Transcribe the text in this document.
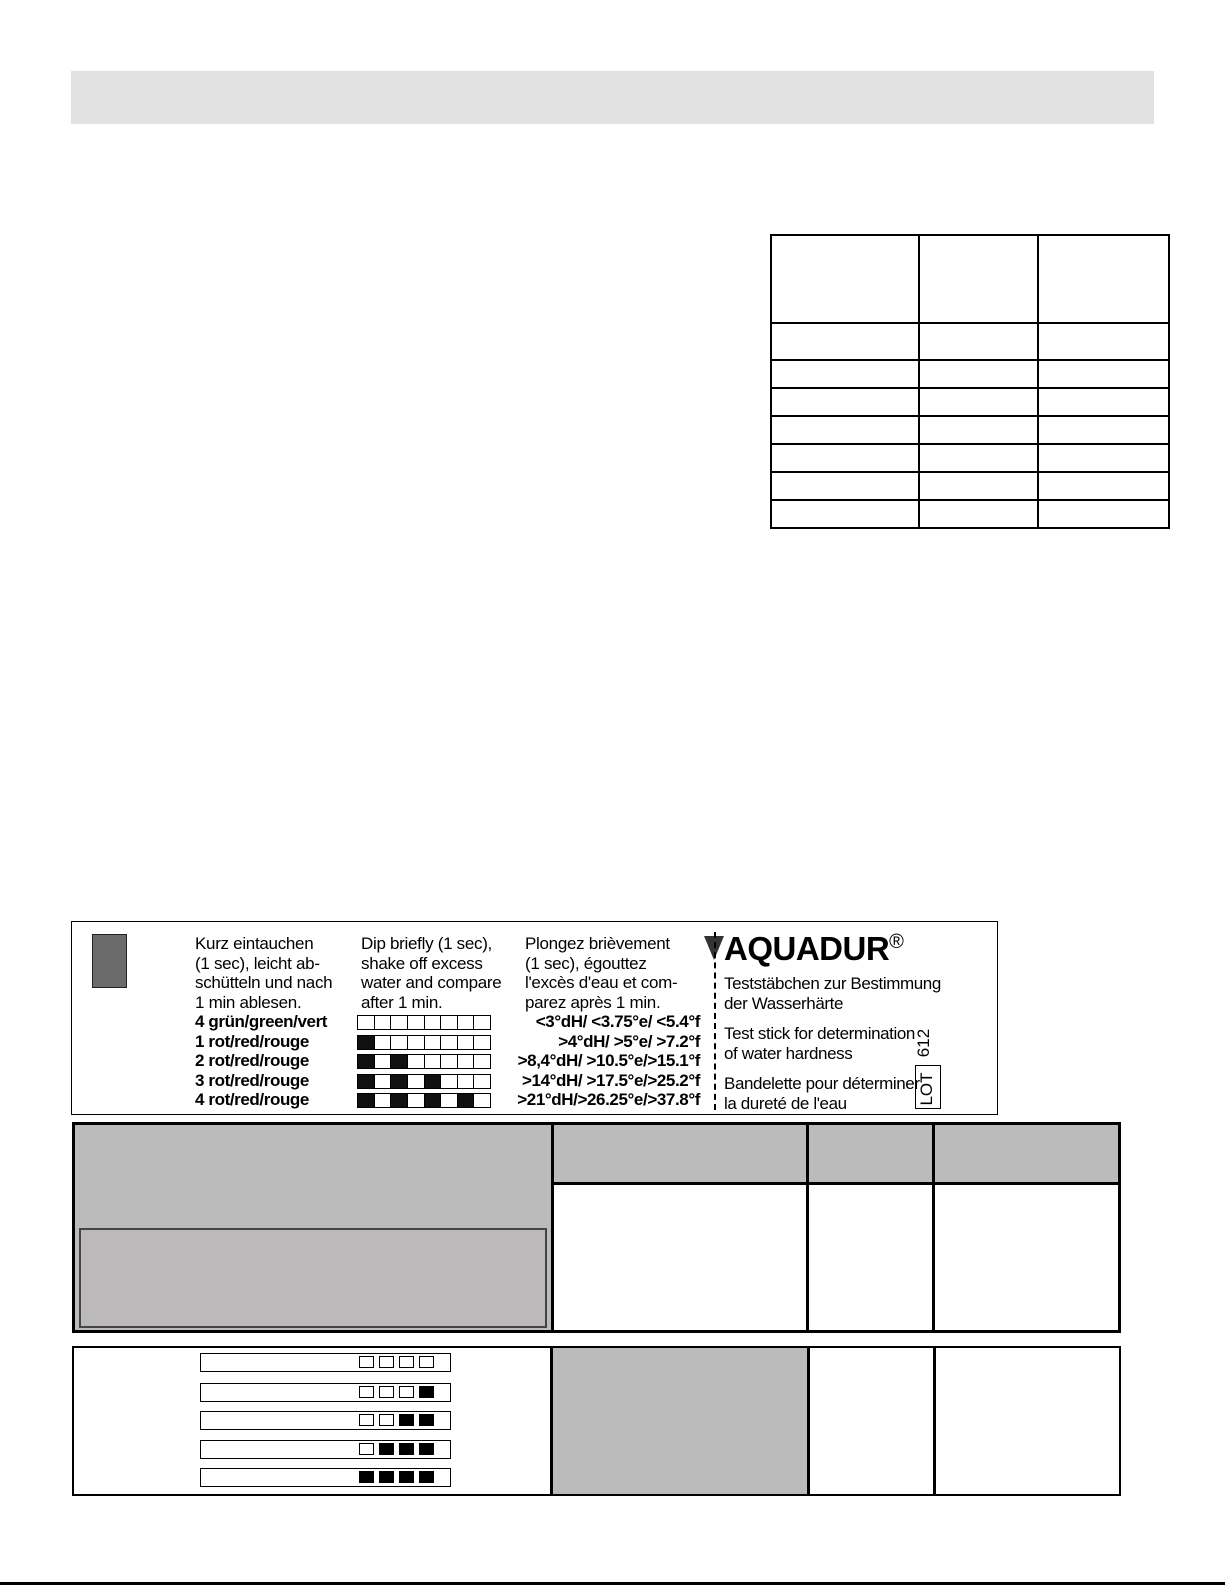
Kurz eintauchen
(1 sec), leicht ab-
schütteln und nach
1 min ablesen.
Dip briefly (1 sec),
shake off excess
water and compare
after 1 min.
Plongez brièvement
(1 sec), égouttez
l'excès d'eau et com-
parez après 1 min.
4 grün/green/vert	<3°dH/ <3.75°e/ <5.4°f
1 rot/red/rouge	>4°dH/ >5°e/ >7.2°f
2 rot/red/rouge	>8,4°dH/ >10.5°e/>15.1°f
3 rot/red/rouge	>14°dH/ >17.5°e/>25.2°f
4 rot/red/rouge	>21°dH/>26.25°e/>37.8°f
AQUADUR®
Teststäbchen zur Bestimmung
der Wasserhärte
Test stick for determination
of water hardness
Bandelette pour déterminer
la dureté de l'eau	LOT
612
